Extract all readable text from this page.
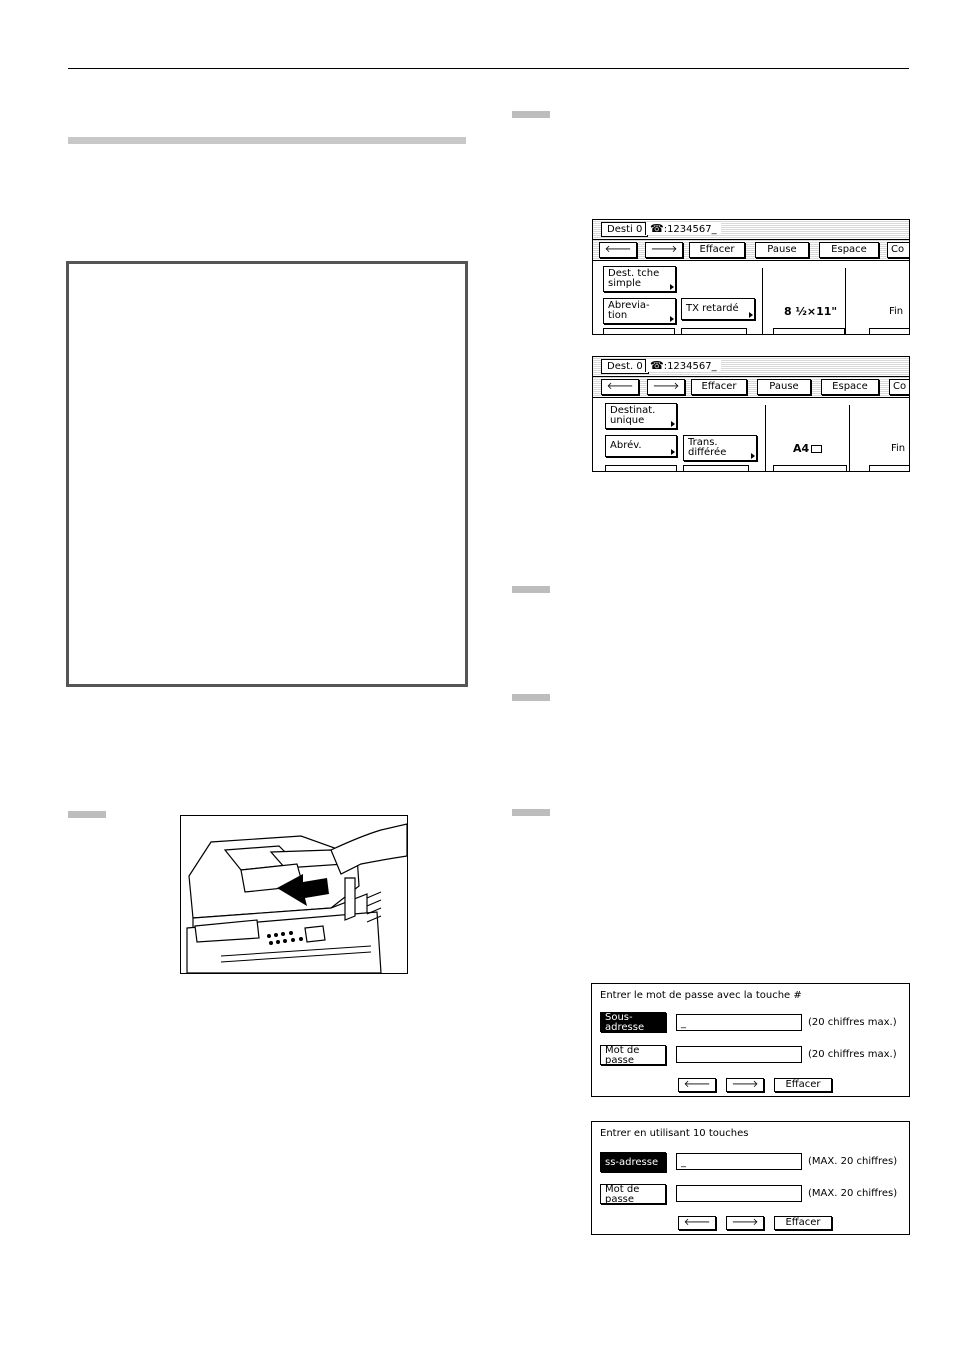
Desti 0 ☎:1234567_
🡐	🡒	Effacer	Pause	Espace	Co
Dest. tche
simple
Abrevia-
tion
TX retardé	8 ½×11"	Fin
Dest. 0 ☎:1234567_
🡐	🡒	Effacer	Pause	Espace	Co
Destinat.
unique
Abrév.	Trans.
différée	A4	Fin
Entrer le mot de passe avec la touche #
Sous-
adresse	_	(20 chiffres max.)
Mot de
passe
(20 chiffres max.)
🡐	🡒	Effacer
Entrer en utilisant 10 touches
ss-adresse	_	(MAX. 20 chiffres)
Mot de
passe
(MAX. 20 chiffres)
🡐	🡒	Effacer
